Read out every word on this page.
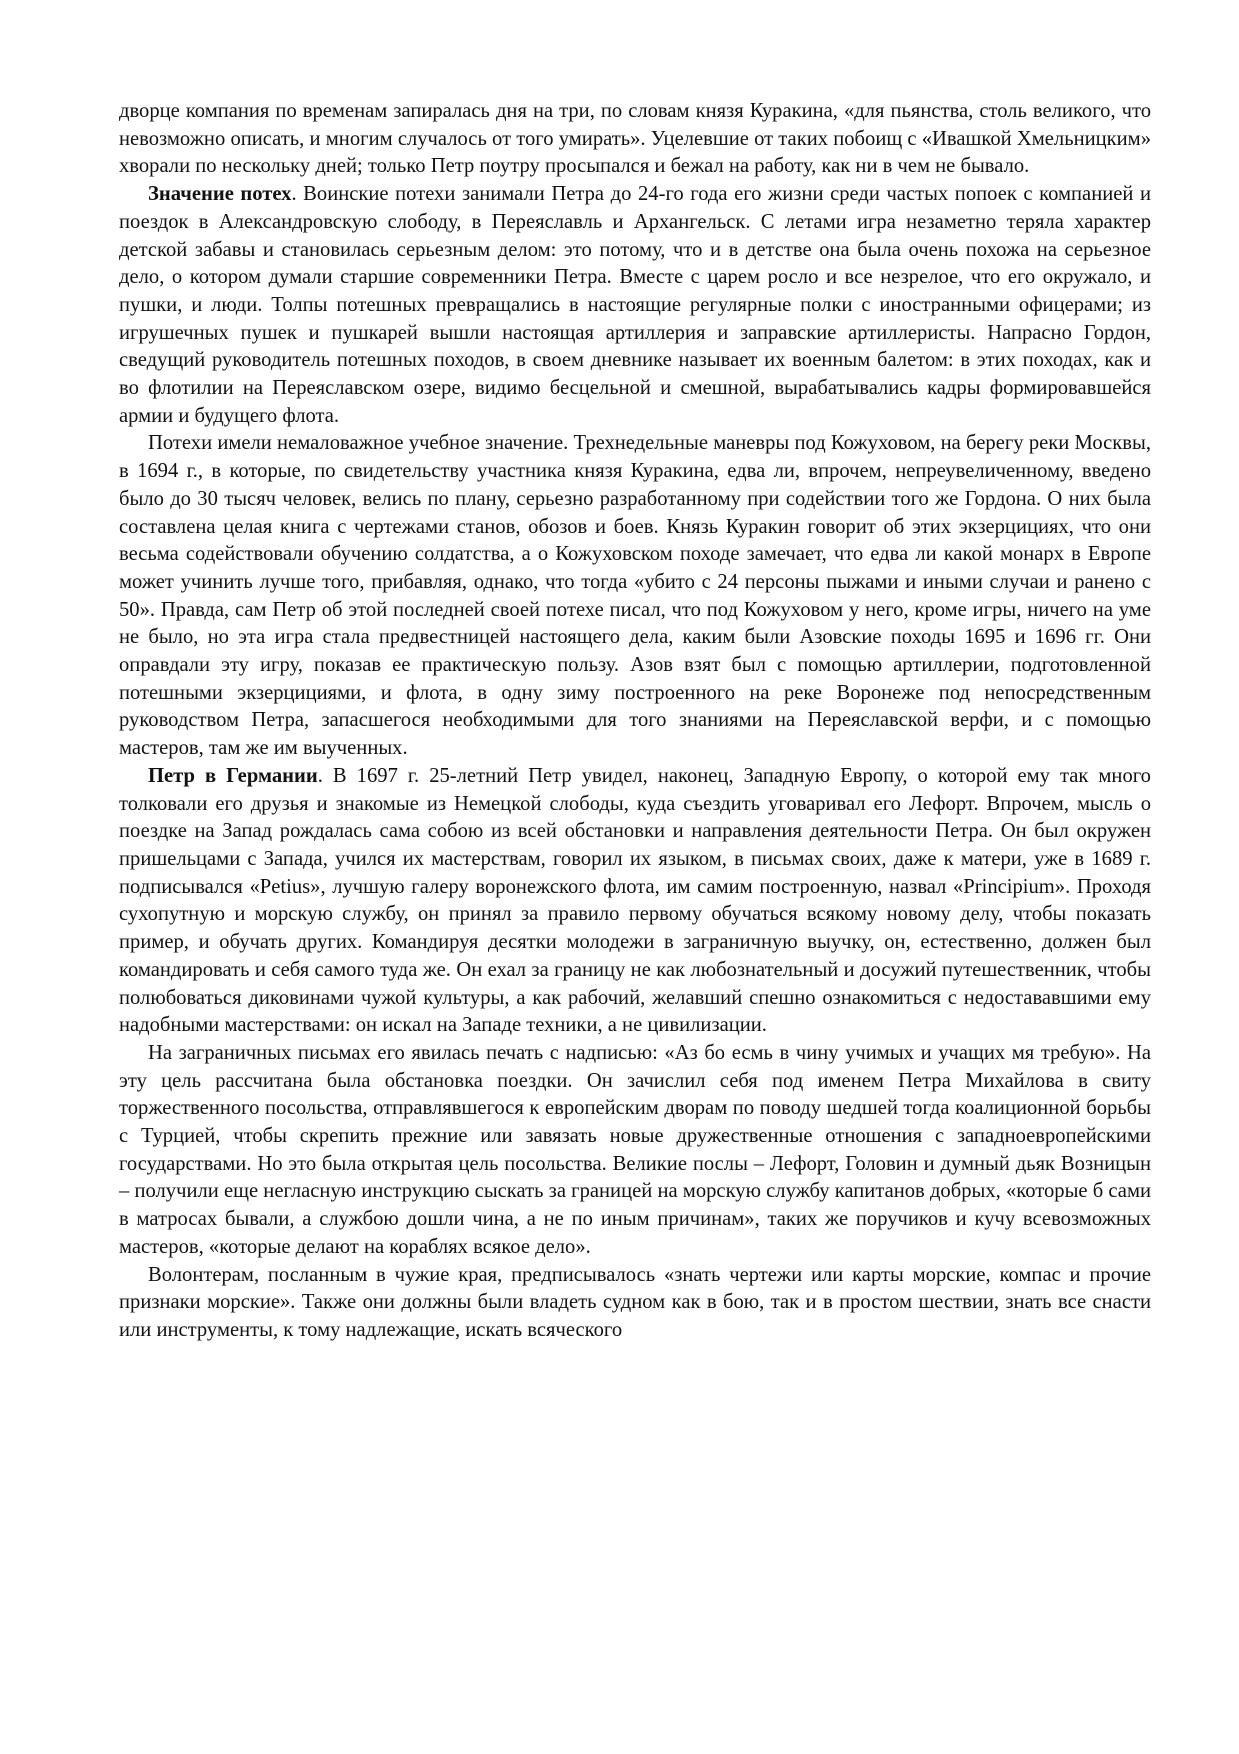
дворце компания по временам запиралась дня на три, по словам князя Куракина, «для пьянства, столь великого, что невозможно описать, и многим случалось от того умирать». Уцелевшие от таких побоищ с «Ивашкой Хмельницким» хворали по нескольку дней; только Петр поутру просыпался и бежал на работу, как ни в чем не бывало.

Значение потех. Воинские потехи занимали Петра до 24-го года его жизни среди частых попоек с компанией и поездок в Александровскую слободу, в Переяславль и Архангельск. С летами игра незаметно теряла характер детской забавы и становилась серьезным делом: это потому, что и в детстве она была очень похожа на серьезное дело, о котором думали старшие современники Петра. Вместе с царем росло и все незрелое, что его окружало, и пушки, и люди. Толпы потешных превращались в настоящие регулярные полки с иностранными офицерами; из игрушечных пушек и пушкарей вышли настоящая артиллерия и заправские артиллеристы. Напрасно Гордон, сведущий руководитель потешных походов, в своем дневнике называет их военным балетом: в этих походах, как и во флотилии на Переяславском озере, видимо бесцельной и смешной, вырабатывались кадры формировавшейся армии и будущего флота.

Потехи имели немаловажное учебное значение. Трехнедельные маневры под Кожуховом, на берегу реки Москвы, в 1694 г., в которые, по свидетельству участника князя Куракина, едва ли, впрочем, непреувеличенному, введено было до 30 тысяч человек, велись по плану, серьезно разработанному при содействии того же Гордона. О них была составлена целая книга с чертежами станов, обозов и боев. Князь Куракин говорит об этих экзерцициях, что они весьма содействовали обучению солдатства, а о Кожуховском походе замечает, что едва ли какой монарх в Европе может учинить лучше того, прибавляя, однако, что тогда «убито с 24 персоны пыжами и иными случаи и ранено с 50». Правда, сам Петр об этой последней своей потехе писал, что под Кожуховом у него, кроме игры, ничего на уме не было, но эта игра стала предвестницей настоящего дела, каким были Азовские походы 1695 и 1696 гг. Они оправдали эту игру, показав ее практическую пользу. Азов взят был с помощью артиллерии, подготовленной потешными экзерцициями, и флота, в одну зиму построенного на реке Воронеже под непосредственным руководством Петра, запасшегося необходимыми для того знаниями на Переяславской верфи, и с помощью мастеров, там же им выученных.

Петр в Германии. В 1697 г. 25-летний Петр увидел, наконец, Западную Европу, о которой ему так много толковали его друзья и знакомые из Немецкой слободы, куда съездить уговаривал его Лефорт. Впрочем, мысль о поездке на Запад рождалась сама собою из всей обстановки и направления деятельности Петра. Он был окружен пришельцами с Запада, учился их мастерствам, говорил их языком, в письмах своих, даже к матери, уже в 1689 г. подписывался «Petius», лучшую галеру воронежского флота, им самим построенную, назвал «Principium». Проходя сухопутную и морскую службу, он принял за правило первому обучаться всякому новому делу, чтобы показать пример, и обучать других. Командируя десятки молодежи в заграничную выучку, он, естественно, должен был командировать и себя самого туда же. Он ехал за границу не как любознательный и досужий путешественник, чтобы полюбоваться диковинами чужой культуры, а как рабочий, желавший спешно ознакомиться с недостававшими ему надобными мастерствами: он искал на Западе техники, а не цивилизации.

На заграничных письмах его явилась печать с надписью: «Аз бо есмь в чину учимых и учащих мя требую». На эту цель рассчитана была обстановка поездки. Он зачислил себя под именем Петра Михайлова в свиту торжественного посольства, отправлявшегося к европейским дворам по поводу шедшей тогда коалиционной борьбы с Турцией, чтобы скрепить прежние или завязать новые дружественные отношения с западноевропейскими государствами. Но это была открытая цель посольства. Великие послы – Лефорт, Головин и думный дьяк Возницын – получили еще негласную инструкцию сыскать за границей на морскую службу капитанов добрых, «которые б сами в матросах бывали, а службою дошли чина, а не по иным причинам», таких же поручиков и кучу всевозможных мастеров, «которые делают на кораблях всякое дело».

Волонтерам, посланным в чужие края, предписывалось «знать чертежи или карты морские, компас и прочие признаки морские». Также они должны были владеть судном как в бою, так и в простом шествии, знать все снасти или инструменты, к тому надлежащие, искать всяческого
